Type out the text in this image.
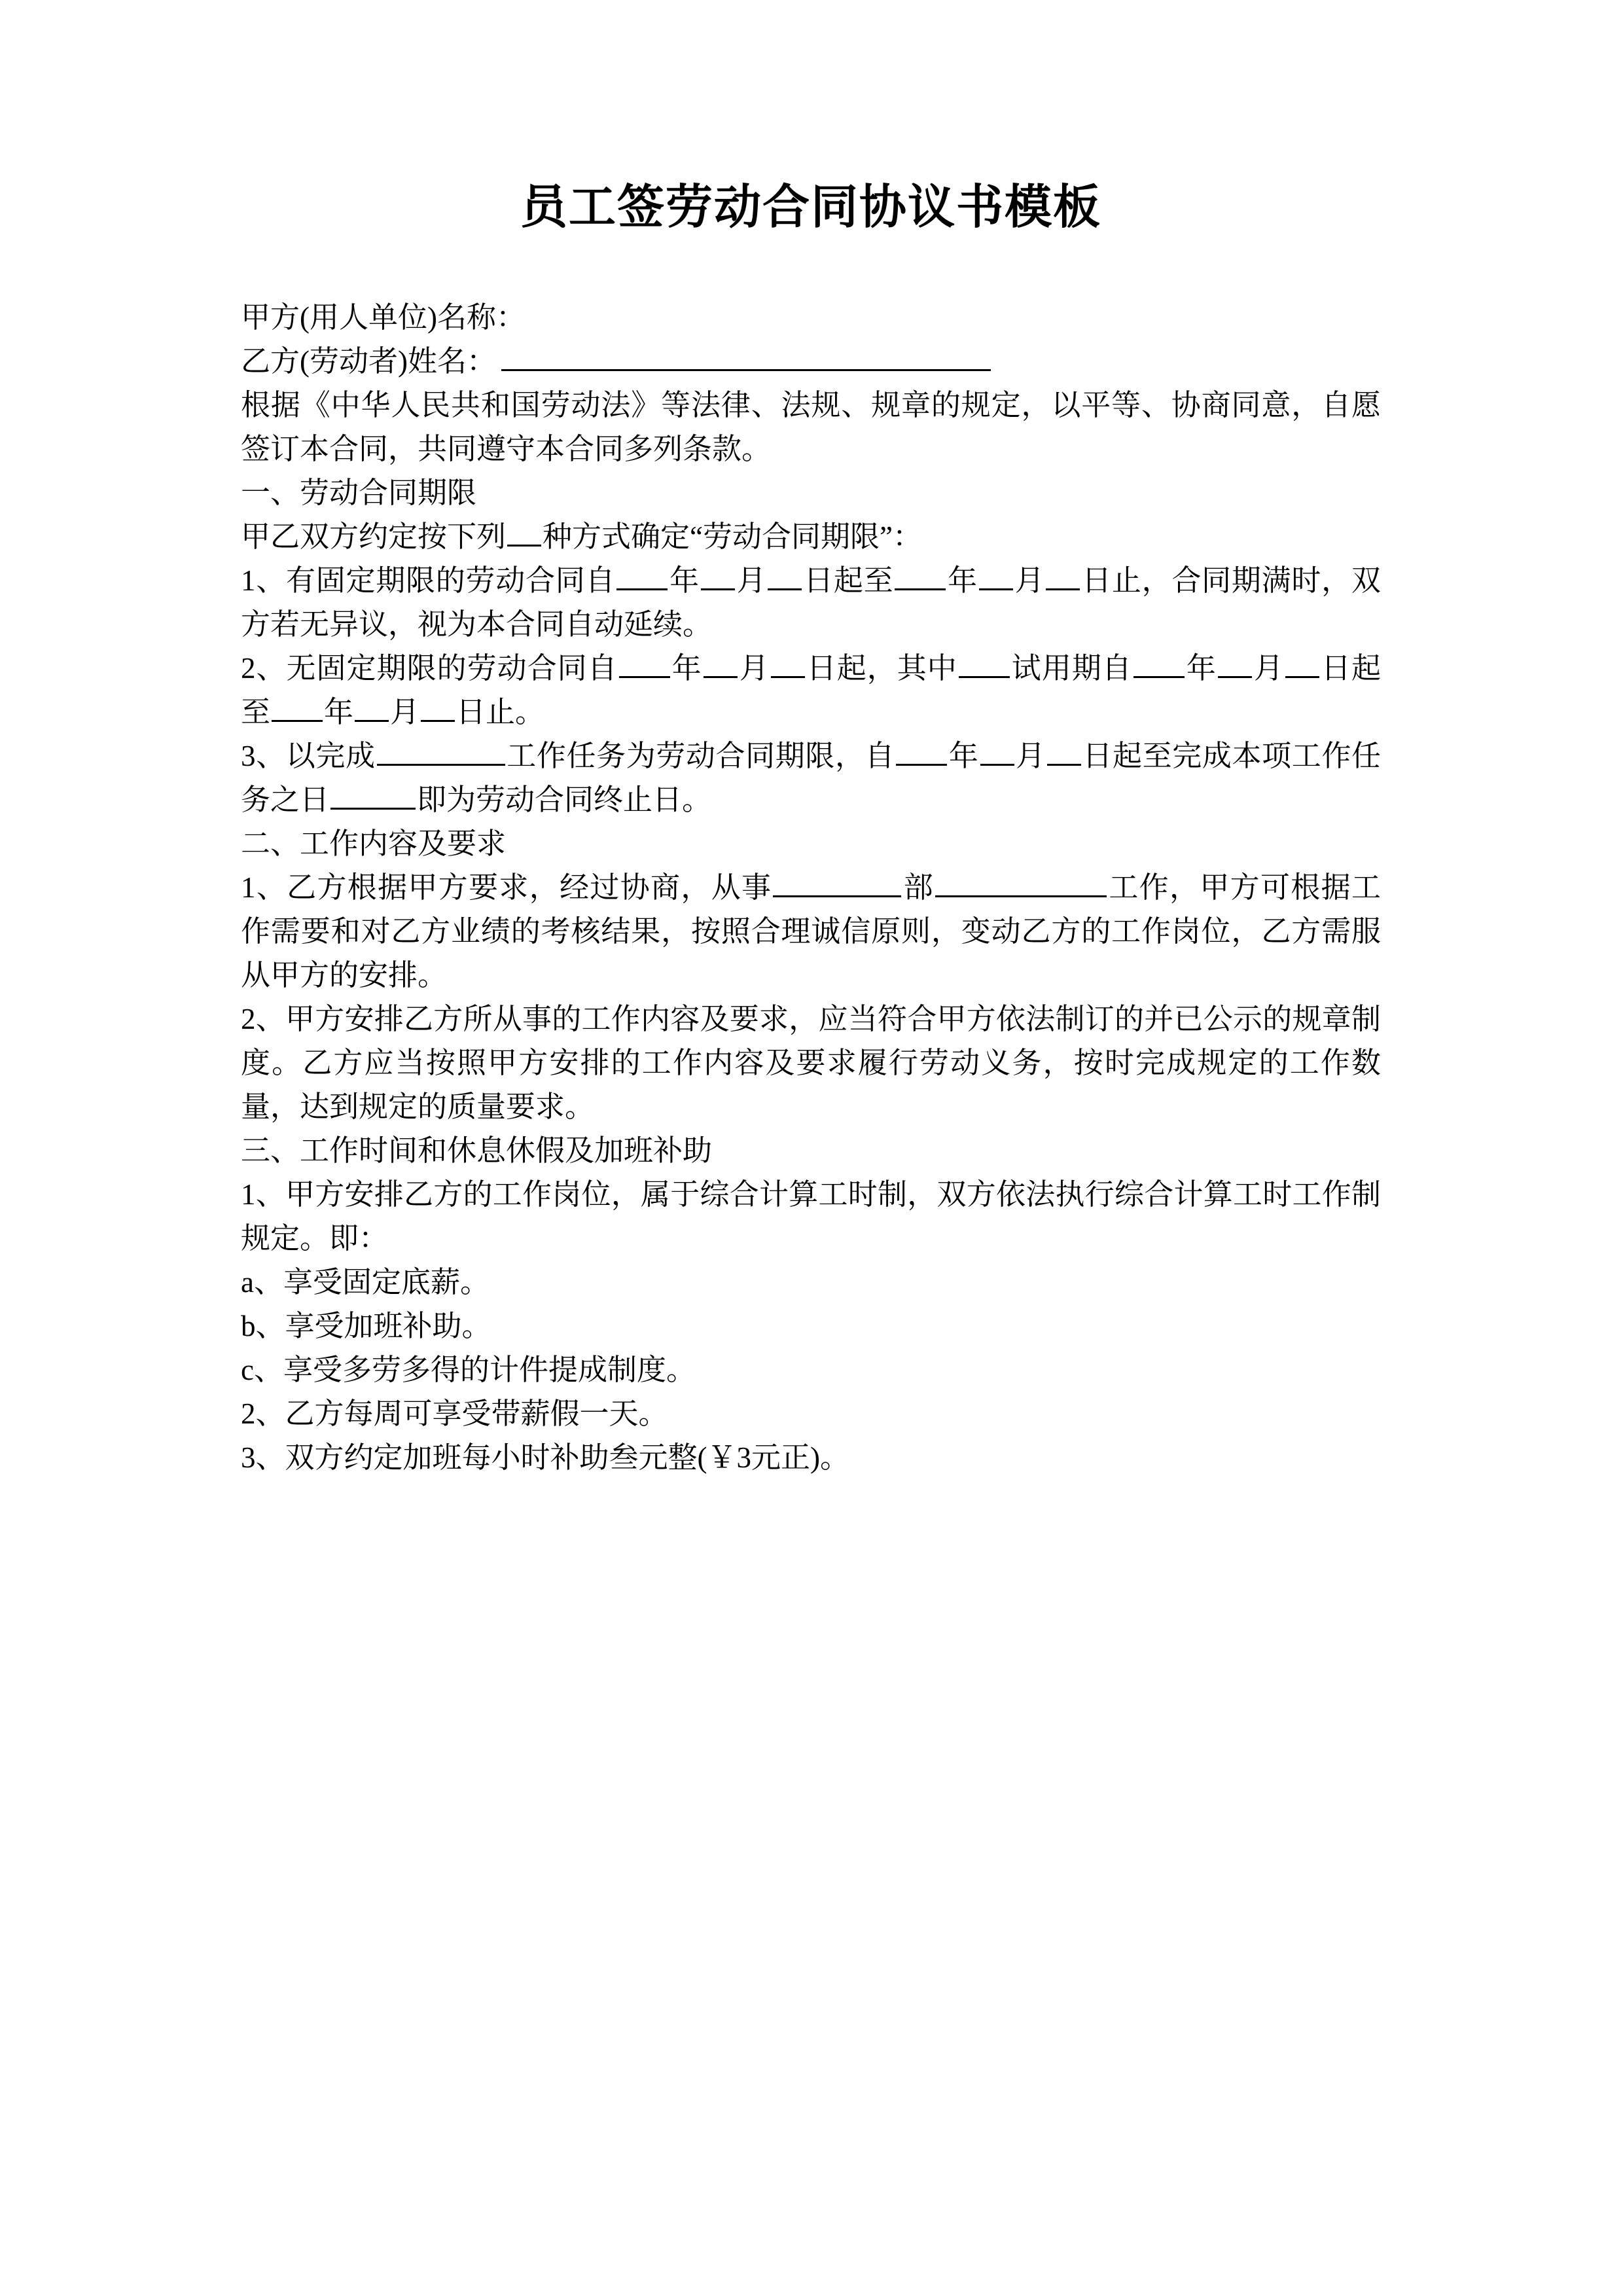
员工签劳动合同协议书模板

甲方(用人单位)名称：

乙方(劳动者)姓名：

根据《中华人民共和国劳动法》等法律、法规、规章的规定，以平等、协商同意，自愿签订本合同，共同遵守本合同多列条款。

一、劳动合同期限

甲乙双方约定按下列 种方式确定“劳动合同期限”：

1、有固定期限的劳动合同自 年 月 日起至 年 月 日止，合同期满时，双方若无异议，视为本合同自动延续。

2、无固定期限的劳动合同自 年 月 日起，其中 试用期自 年 月 日起至 年 月 日止。

3、以完成	工作任务为劳动合同期限，自 年 月 日起至完成本项工作任务之日	即为劳动合同终止日。

二、工作内容及要求

1、乙方根据甲方要求，经过协商，从事	部	工作，甲方可根据工作需要和对乙方业绩的考核结果，按照合理诚信原则，变动乙方的工作岗位，乙方需服从甲方的安排。

2、甲方安排乙方所从事的工作内容及要求，应当符合甲方依法制订的并已公示的规章制度。乙方应当按照甲方安排的工作内容及要求履行劳动义务，按时完成规定的工作数量，达到规定的质量要求。

三、工作时间和休息休假及加班补助

1、甲方安排乙方的工作岗位，属于综合计算工时制，双方依法执行综合计算工时工作制规定。即：

a、享受固定底薪。

b、享受加班补助。

c、享受多劳多得的计件提成制度。

2、乙方每周可享受带薪假一天。

3、双方约定加班每小时补助叁元整(￥3元正)。
